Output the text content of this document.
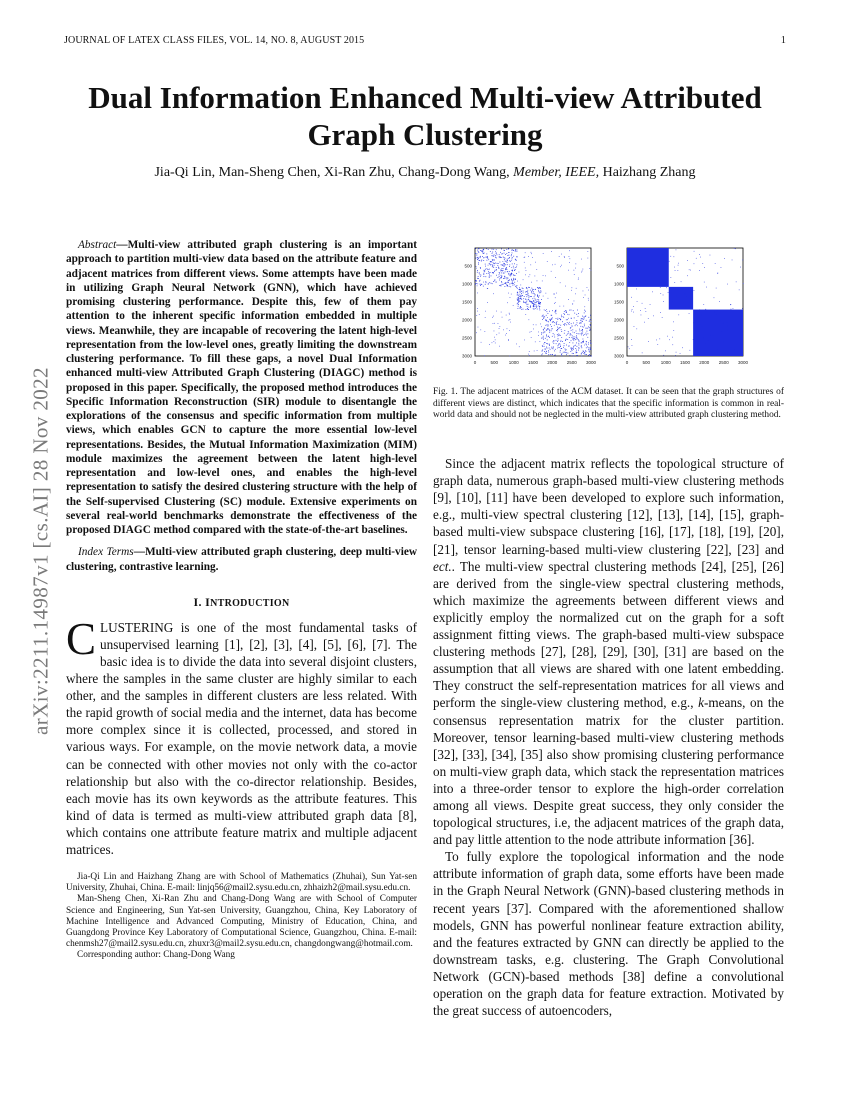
JOURNAL OF LATEX CLASS FILES, VOL. 14, NO. 8, AUGUST 2015	1
arXiv:2211.14987v1 [cs.AI] 28 Nov 2022
Dual Information Enhanced Multi-view Attributed Graph Clustering
Jia-Qi Lin, Man-Sheng Chen, Xi-Ran Zhu, Chang-Dong Wang, Member, IEEE, Haizhang Zhang

Abstract—Multi-view attributed graph clustering is an important approach to partition multi-view data based on the attribute feature and adjacent matrices from different views. Some attempts have been made in utilizing Graph Neural Network (GNN), which have achieved promising clustering performance. Despite this, few of them pay attention to the inherent specific information embedded in multiple views. Meanwhile, they are incapable of recovering the latent high-level representation from the low-level ones, greatly limiting the downstream clustering performance. To fill these gaps, a novel Dual Information enhanced multi-view Attributed Graph Clustering (DIAGC) method is proposed in this paper. Specifically, the proposed method introduces the Specific Information Reconstruction (SIR) module to disentangle the explorations of the consensus and specific information from multiple views, which enables GCN to capture the more essential low-level representations. Besides, the Mutual Information Maximization (MIM) module maximizes the agreement between the latent high-level representation and low-level ones, and enables the high-level representation to satisfy the desired clustering structure with the help of the Self-supervised Clustering (SC) module. Extensive experiments on several real-world benchmarks demonstrate the effectiveness of the proposed DIAGC method compared with the state-of-the-art baselines.

Index Terms—Multi-view attributed graph clustering, deep multi-view clustering, contrastive learning.

I. INTRODUCTION

CLUSTERING is one of the most fundamental tasks of unsupervised learning [1], [2], [3], [4], [5], [6], [7]. The basic idea is to divide the data into several disjoint clusters, where the samples in the same cluster are highly similar to each other, and the samples in different clusters are less related. With the rapid growth of social media and the internet, data has become more complex since it is collected, processed, and stored in various ways. For example, on the movie network data, a movie can be connected with other movies not only with the co-actor relationship but also with the co-director relationship. Besides, each movie has its own keywords as the attribute features. This kind of data is termed as multi-view attributed graph data [8], which contains one attribute feature matrix and multiple adjacent matrices.

Jia-Qi Lin and Haizhang Zhang are with School of Mathematics (Zhuhai), Sun Yat-sen University, Zhuhai, China. E-mail: linjq56@mail2.sysu.edu.cn, zhhaizh2@mail.sysu.edu.cn.

Man-Sheng Chen, Xi-Ran Zhu and Chang-Dong Wang are with School of Computer Science and Engineering, Sun Yat-sen University, Guangzhou, China, Key Laboratory of Machine Intelligence and Advanced Computing, Ministry of Education, China, and Guangdong Province Key Laboratory of Computational Science, Guangzhou, China. E-mail: chenmsh27@mail2.sysu.edu.cn, zhuxr3@mail2.sysu.edu.cn, changdongwang@hotmail.com.

Corresponding author: Chang-Dong Wang

0	500
500
1000
1000
1500
1500
2000
2000
2500
2500
3000
3000
0	500
500
1000
1000
1500
1500
2000
2000
2500
2500
3000
3000

Fig. 1. The adjacent matrices of the ACM dataset. It can be seen that the graph structures of different views are distinct, which indicates that the specific information is common in real-world data and should not be neglected in the multi-view attributed graph clustering method.

Since the adjacent matrix reflects the topological structure of graph data, numerous graph-based multi-view clustering methods [9], [10], [11] have been developed to explore such information, e.g., multi-view spectral clustering [12], [13], [14], [15], graph-based multi-view subspace clustering [16], [17], [18], [19], [20], [21], tensor learning-based multi-view clustering [22], [23] and ect.. The multi-view spectral clustering methods [24], [25], [26] are derived from the single-view spectral clustering methods, which maximize the agreements between different views and explicitly employ the normalized cut on the graph for a soft assignment fitting views. The graph-based multi-view subspace clustering methods [27], [28], [29], [30], [31] are based on the assumption that all views are shared with one latent embedding. They construct the self-representation matrices for all views and perform the single-view clustering method, e.g., k-means, on the consensus representation matrix for the cluster partition. Moreover, tensor learning-based multi-view clustering methods [32], [33], [34], [35] also show promising clustering performance on multi-view graph data, which stack the representation matrices into a three-order tensor to explore the high-order correlation among all views. Despite great success, they only consider the topological structures, i.e, the adjacent matrices of the graph data, and pay little attention to the node attribute information [36].

To fully explore the topological information and the node attribute information of graph data, some efforts have been made in the Graph Neural Network (GNN)-based clustering methods in recent years [37]. Compared with the aforementioned shallow models, GNN has powerful nonlinear feature extraction ability, and the features extracted by GNN can directly be applied to the downstream tasks, e.g. clustering. The Graph Convolutional Network (GCN)-based methods [38] define a convolutional operation on the graph data for feature extraction. Motivated by the great success of autoencoders,
